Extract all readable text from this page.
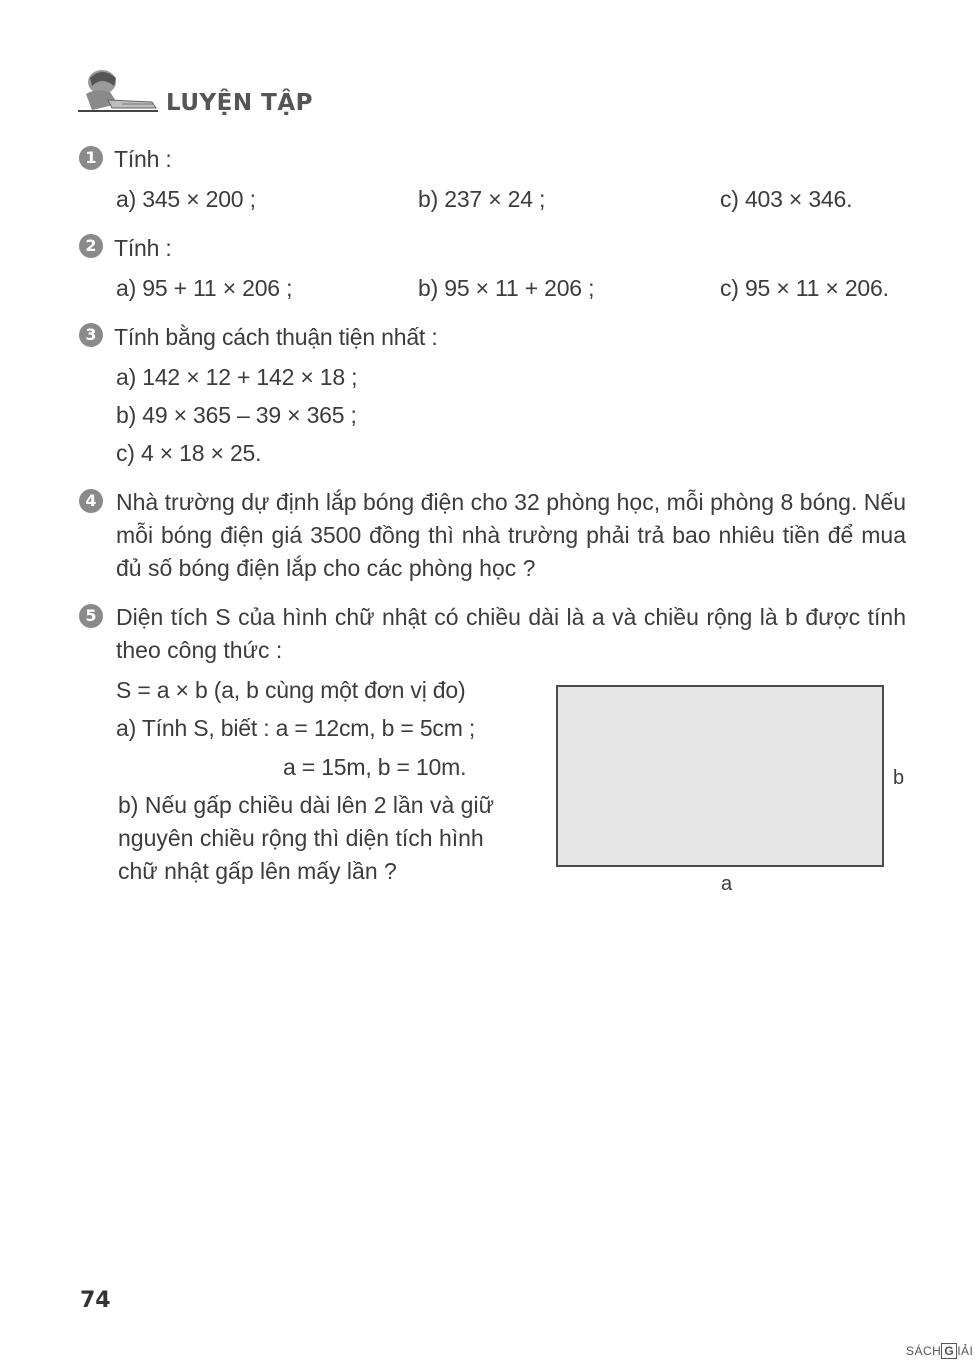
LUYỆN TẬP
1 Tính :
a) 345 × 200 ;	b) 237 × 24 ;	c) 403 × 346.
2 Tính :
a) 95 + 11 × 206 ;	b) 95 × 11 + 206 ;	c) 95 × 11 × 206.
3 Tính bằng cách thuận tiện nhất :
a) 142 × 12 + 142 × 18 ;
b) 49 × 365 – 39 × 365 ;
c) 4 × 18 × 25.
4 Nhà trường dự định lắp bóng điện cho 32 phòng học, mỗi phòng 8 bóng. Nếu mỗi bóng điện giá 3500 đồng thì nhà trường phải trả bao nhiêu tiền để mua đủ số bóng điện lắp cho các phòng học ?
5 Diện tích S của hình chữ nhật có chiều dài là a và chiều rộng là b được tính theo công thức :
S = a × b (a, b cùng một đơn vị đo)
a) Tính S, biết : a = 12cm, b = 5cm ;
a = 15m, b = 10m.
b) Nếu gấp chiều dài lên 2 lần và giữ nguyên chiều rộng thì diện tích hình chữ nhật gấp lên mấy lần ?
b
a
74
SÁCH G IẢI
